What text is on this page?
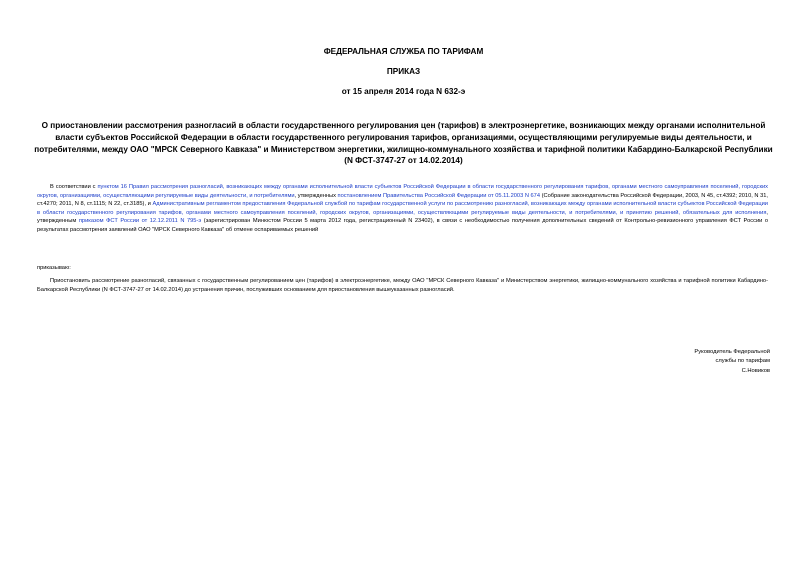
ФЕДЕРАЛЬНАЯ СЛУЖБА ПО ТАРИФАМ
ПРИКАЗ
от 15 апреля 2014 года N 632-э
О приостановлении рассмотрения разногласий в области государственного регулирования цен (тарифов) в электроэнергетике, возникающих между органами исполнительной власти субъектов Российской Федерации в области государственного регулирования тарифов, организациями, осуществляющими регулируемые виды деятельности, и потребителями, между ОАО "МРСК Северного Кавказа" и Министерством энергетики, жилищно-коммунального хозяйства и тарифной политики Кабардино-Балкарской Республики (N ФСТ-3747-27 от 14.02.2014)
В соответствии с пунктом 16 Правил рассмотрения разногласий, возникающих между органами исполнительной власти субъектов Российской Федерации в области государственного регулирования тарифов, органами местного самоуправления поселений, городских округов, организациями, осуществляющими регулируемые виды деятельности, и потребителями, утвержденных постановлением Правительства Российской Федерации от 05.11.2003 N 674 (Собрание законодательства Российской Федерации, 2003, N 45, ст.4392; 2010, N 31, ст.4270; 2011, N 8, ст.1115; N 22, ст.3185), и Административным регламентом предоставления Федеральной службой по тарифам государственной услуги по рассмотрению разногласий, возникающих между органами исполнительной власти субъектов Российской Федерации в области государственного регулирования тарифов, органами местного самоуправления поселений, городских округов, организациями, осуществляющими регулируемые виды деятельности, и потребителями, и принятию решений, обязательных для исполнения, утвержденным приказом ФСТ России от 12.12.2011 N 795-э (зарегистрирован Минюстом России 5 марта 2012 года, регистрационный N 23402), в связи с необходимостью получения дополнительных сведений от Контрольно-ревизионного управления ФСТ России о результатах рассмотрения заявлений ОАО "МРСК Северного Кавказа" об отмене оспариваемых решений
приказываю:
Приостановить рассмотрение разногласий, связанных с государственным регулированием цен (тарифов) в электроэнергетике, между ОАО "МРСК Северного Кавказа" и Министерством энергетики, жилищно-коммунального хозяйства и тарифной политики Кабардино-Балкарской Республики (N ФСТ-3747-27 от 14.02.2014) до устранения причин, послуживших основанием для приостановления вышеуказанных разногласий.
Руководитель Федеральной
службы по тарифам
С.Новиков
